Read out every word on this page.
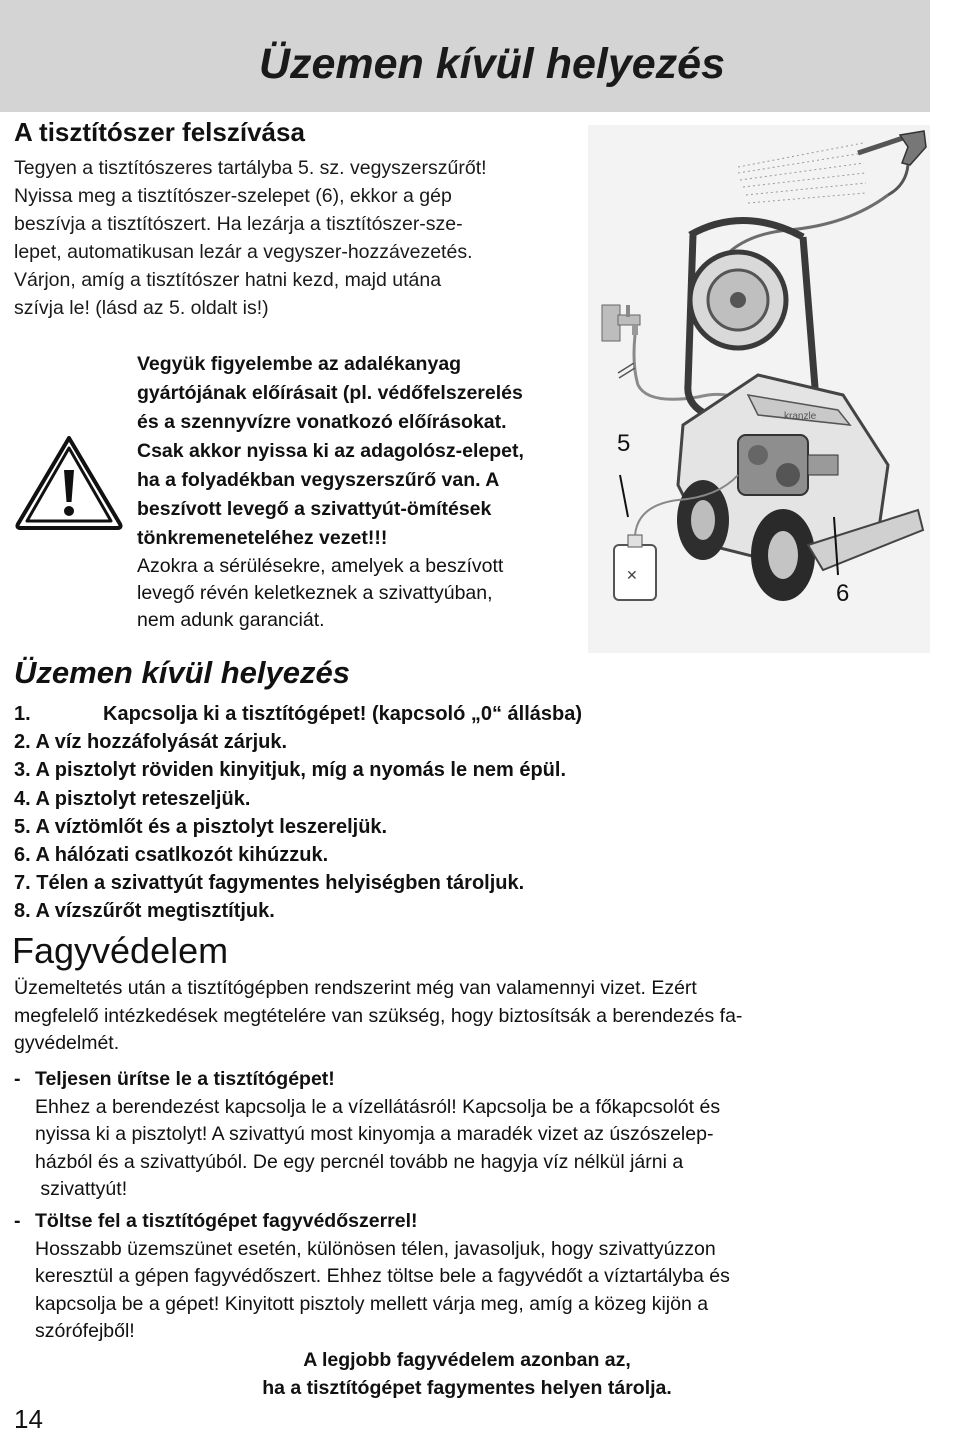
Üzemen kívül helyezés
A tisztítószer felszívása
Tegyen a tisztítószeres tartályba 5. sz. vegyszerszűrőt!
Nyissa meg a tisztítószer-szelepet (6), ekkor a gép
beszívja a tisztítószert. Ha lezárja a tisztítószer-sze-
lepet, automatikusan lezár a vegyszer-hozzávezetés.
Várjon, amíg a tisztítószer hatni kezd, majd utána
szívja le! (lásd az 5. oldalt is!)
Vegyük figyelembe az adalékanyag
gyártójának előírásait (pl. védőfelszerelés
és a szennyvízre vonatkozó előírásokat.
Csak akkor nyissa ki az adagolósz-elepet,
ha a folyadékban vegyszerszűrő van. A
beszívott levegő a szivattyút-ömítések
tönkremeneteléhez vezet!!!
Azokra a sérülésekre, amelyek a beszívott
levegő révén keletkeznek a szivattyúban,
nem adunk garanciát.
kranzle
✕
5
6
Üzemen kívül helyezés
1.	Kapcsolja ki a tisztítógépet! (kapcsoló „0“ állásba)
2. A víz hozzáfolyását zárjuk.
3. A pisztolyt röviden kinyitjuk, míg a nyomás le nem épül.
4. A pisztolyt reteszeljük.
5. A víztömlőt és a pisztolyt leszereljük.
6. A hálózati csatlkozót kihúzzuk.
7. Télen a szivattyút fagymentes helyiségben tároljuk.
8. A vízszűrőt megtisztítjuk.
Fagyvédelem
Üzemeltetés után a tisztítógépben rendszerint még van valamennyi vizet. Ezért
megfelelő intézkedések megtételére van szükség, hogy biztosítsák a berendezés fa-
gyvédelmét.
- Teljesen ürítse le a tisztítógépet!
Ehhez a berendezést kapcsolja le a vízellátásról! Kapcsolja be a főkapcsolót és
nyissa ki a pisztolyt! A szivattyú most kinyomja a maradék vizet az úszószelep-
házból és a szivattyúból. De egy percnél tovább ne hagyja víz nélkül járni a
szivattyút!
- Töltse fel a tisztítógépet fagyvédőszerrel!
Hosszabb üzemszünet esetén, különösen télen, javasoljuk, hogy szivattyúzzon
keresztül a gépen fagyvédőszert. Ehhez töltse bele a fagyvédőt a víztartályba és
kapcsolja be a gépet! Kinyitott pisztoly mellett várja meg, amíg a közeg kijön a
szórófejből!
A legjobb fagyvédelem azonban az,
ha a tisztítógépet fagymentes helyen tárolja.
14
